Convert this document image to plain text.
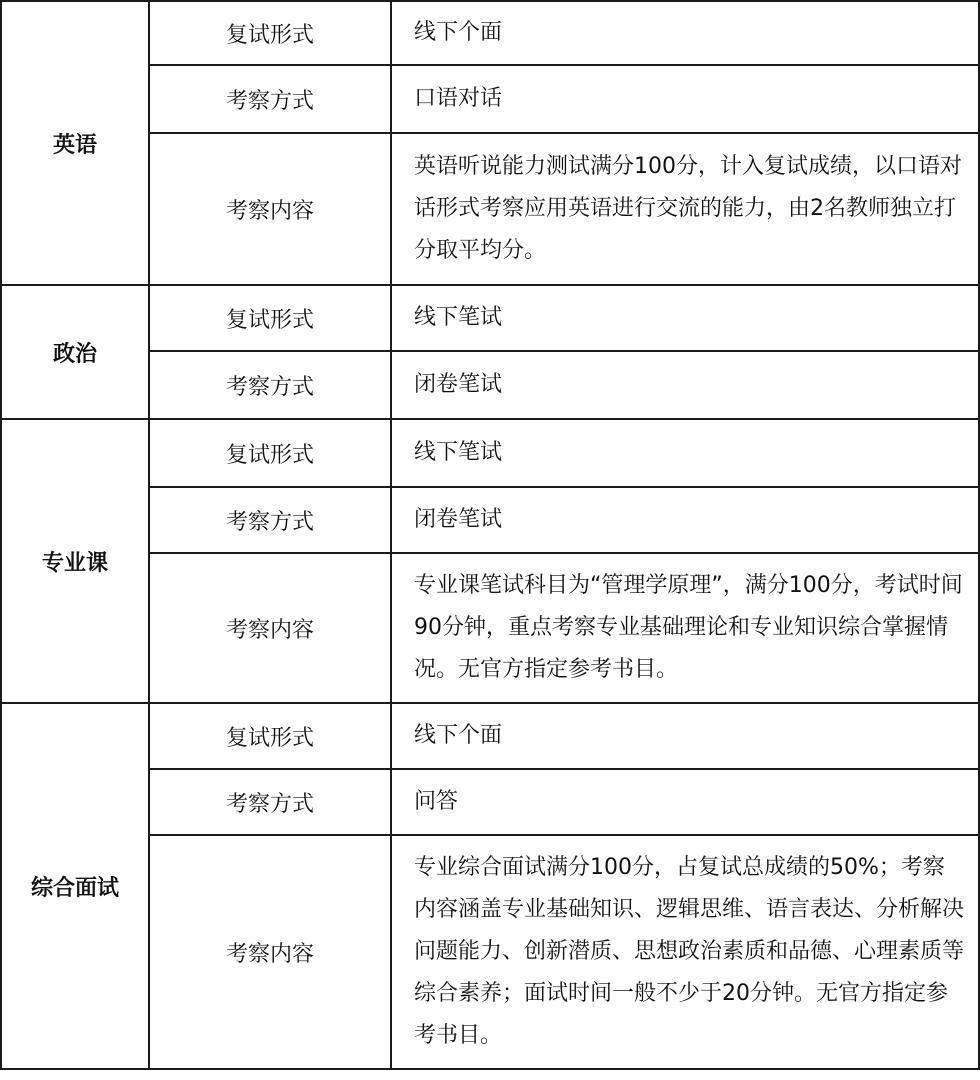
英语	复试形式	线下个面
	考察方式	口语对话
	考察内容	英语听说能力测试满分100分，计入复试成绩，以口语对话形式考察应用英语进行交流的能力，由2名教师独立打分取平均分。
政治	复试形式	线下笔试
	考察方式	闭卷笔试
专业课	复试形式	线下笔试
	考察方式	闭卷笔试
	考察内容	专业课笔试科目为“管理学原理”，满分100分，考试时间90分钟，重点考察专业基础理论和专业知识综合掌握情况。无官方指定参考书目。
综合面试	复试形式	线下个面
	考察方式	问答
	考察内容	专业综合面试满分100分，占复试总成绩的50%；考察内容涵盖专业基础知识、逻辑思维、语言表达、分析解决问题能力、创新潜质、思想政治素质和品德、心理素质等综合素养；面试时间一般不少于20分钟。无官方指定参考书目。
